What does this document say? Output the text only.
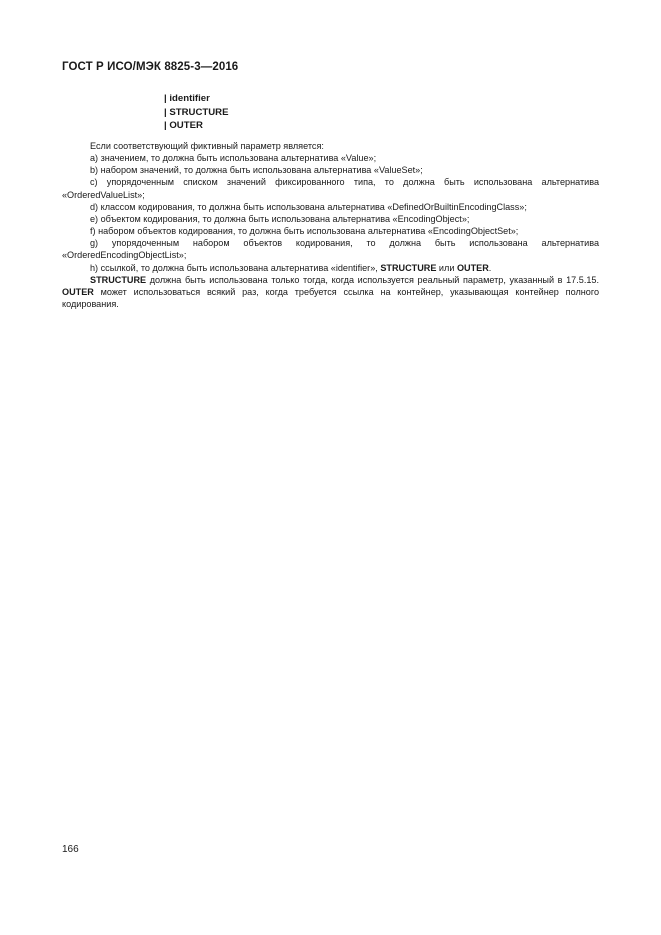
ГОСТ Р ИСО/МЭК 8825-3—2016
| identifier
| STRUCTURE
| OUTER

Если соответствующий фиктивный параметр является:

а) значением, то должна быть использована альтернатива «Value»;

b) набором значений, то должна быть использована альтернатива «ValueSet»;

с) упорядоченным списком значений фиксированного типа, то должна быть использована альтернатива «OrderedValueList»;

d) классом кодирования, то должна быть использована альтернатива «DefinedOrBuiltinEncodingClass»;

е) объектом кодирования, то должна быть использована альтернатива «EncodingObject»;

f) набором объектов кодирования, то должна быть использована альтернатива «EncodingObjectSet»;

g) упорядоченным набором объектов кодирования, то должна быть использована альтернатива «OrderedEncodingObjectList»;

h) ссылкой, то должна быть использована альтернатива «identifier», STRUCTURE или OUTER.

STRUCTURE должна быть использована только тогда, когда используется реальный параметр, указанный в 17.5.15. OUTER может использоваться всякий раз, когда требуется ссылка на контейнер, указывающая контейнер полного кодирования.

166
